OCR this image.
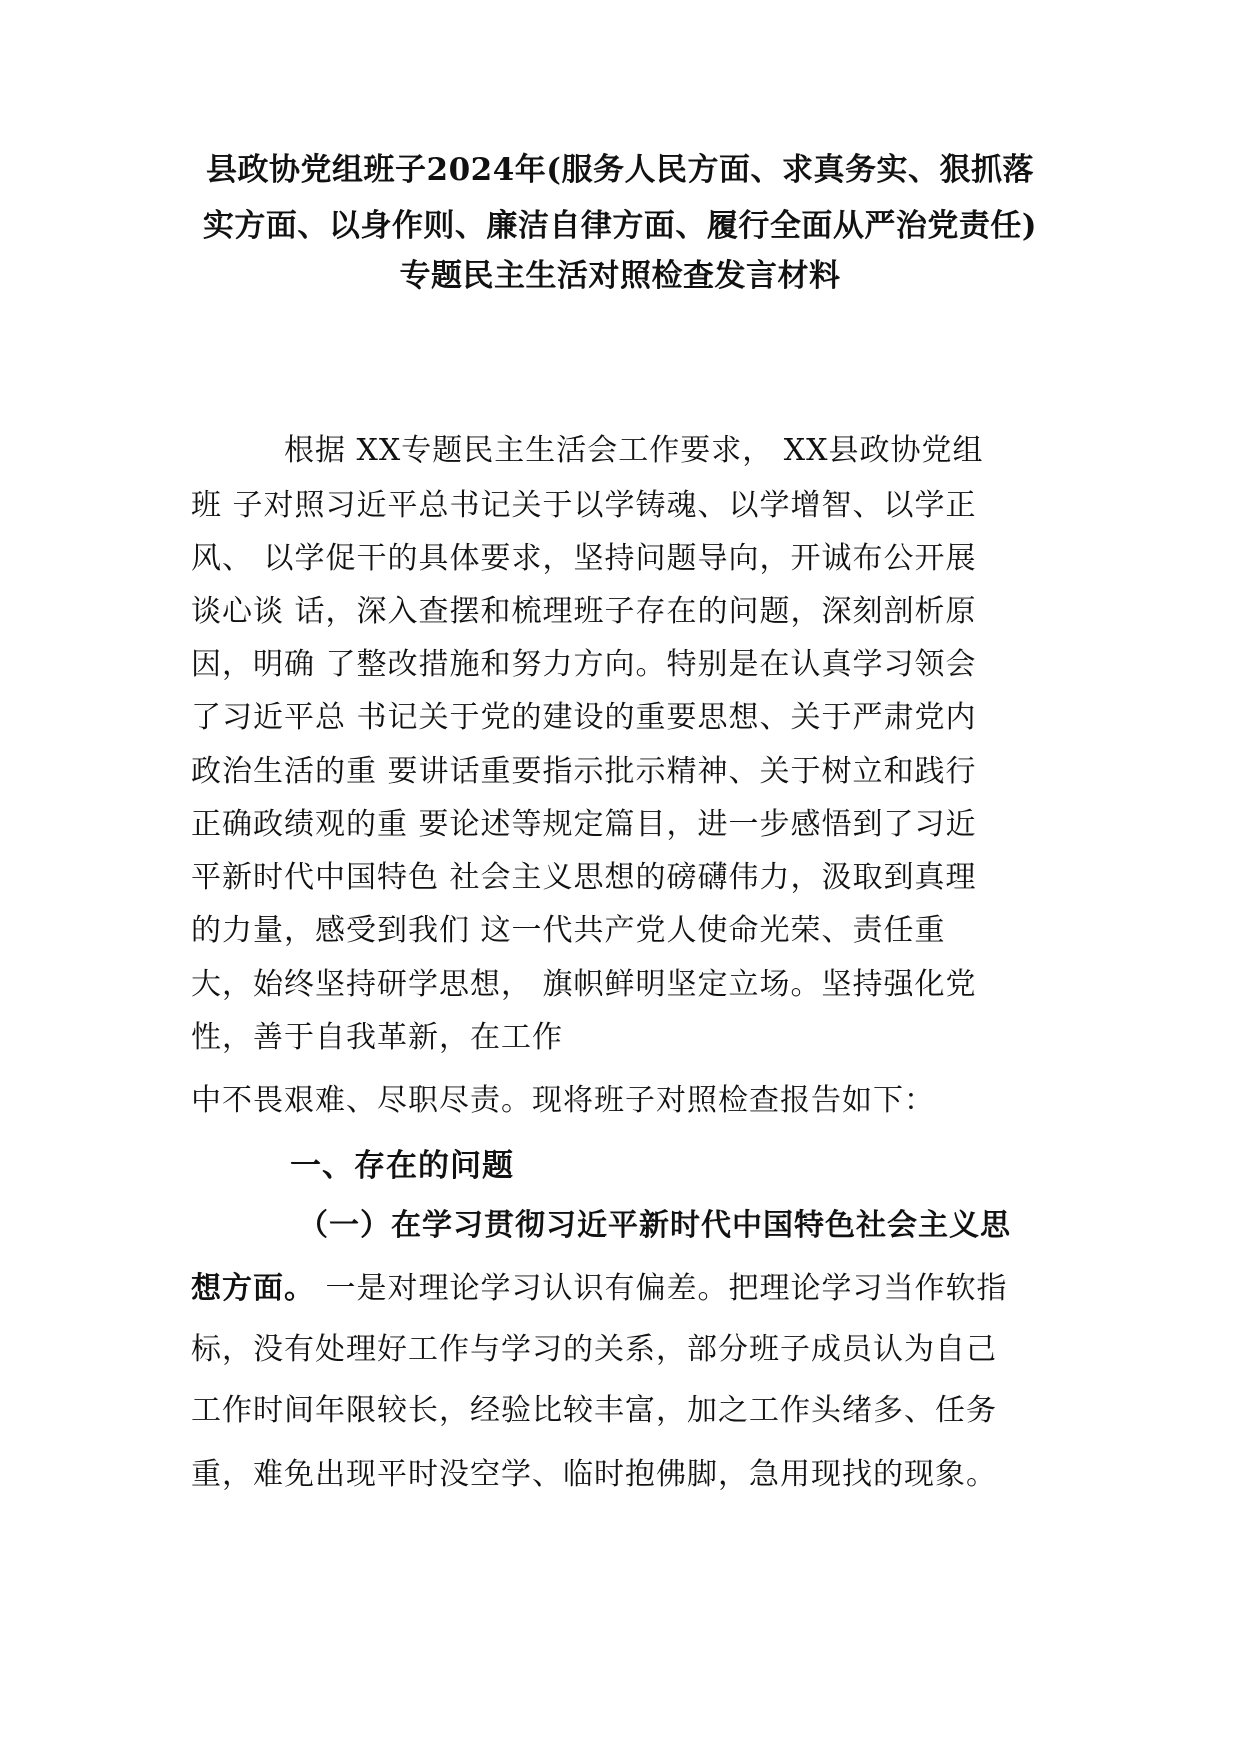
县政协党组班子2024年(服务人民方面、求真务实、狠抓落
实方面、以身作则、廉洁自律方面、履行全面从严治党责任)
专题民主生活对照检查发言材料
　　　根据 XX专题民主生活会工作要求， XX县政协党组
班 子对照习近平总书记关于以学铸魂、以学增智、以学正
风、 以学促干的具体要求，坚持问题导向，开诚布公开展
谈心谈 话，深入查摆和梳理班子存在的问题，深刻剖析原
因，明确 了整改措施和努力方向。特别是在认真学习领会
了习近平总 书记关于党的建设的重要思想、关于严肃党内
政治生活的重 要讲话重要指示批示精神、关于树立和践行
正确政绩观的重 要论述等规定篇目，进一步感悟到了习近
平新时代中国特色 社会主义思想的磅礴伟力，汲取到真理
的力量，感受到我们 这一代共产党人使命光荣、责任重
大，始终坚持研学思想， 旗帜鲜明坚定立场。坚持强化党
性，善于自我革新，在工作
中不畏艰难、尽职尽责。现将班子对照检查报告如下：
一、存在的问题
（一）在学习贯彻习近平新时代中国特色社会主义思
想方面。 一是对理论学习认识有偏差。把理论学习当作软指
标，没有处理好工作与学习的关系，部分班子成员认为自己
工作时间年限较长，经验比较丰富，加之工作头绪多、任务
重，难免出现平时没空学、临时抱佛脚，急用现找的现象。
